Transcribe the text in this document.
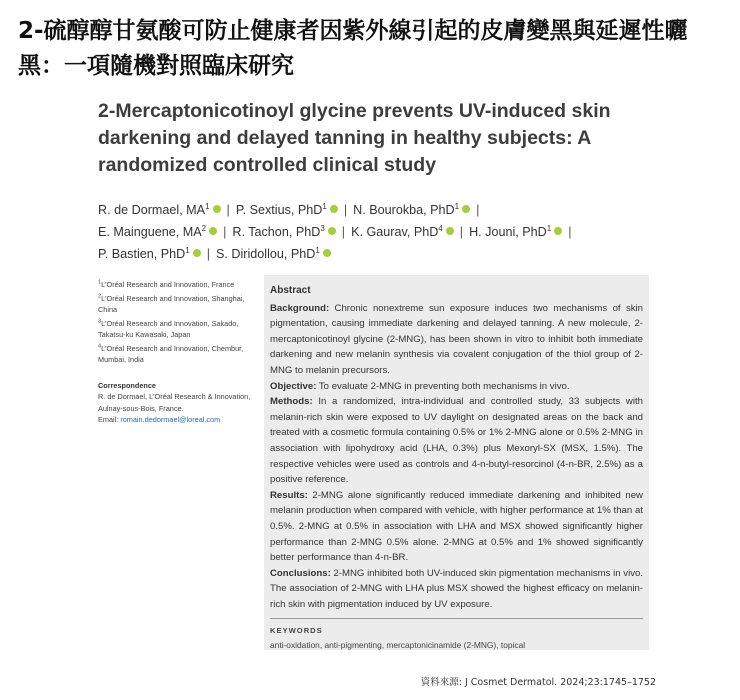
2-硫醇醇甘氨酸可防止健康者因紫外線引起的皮膚變黑與延遲性曬黑：一項隨機對照臨床研究
2-Mercaptonicotinoyl glycine prevents UV-induced skin darkening and delayed tanning in healthy subjects: A randomized controlled clinical study
R. de Dormael, $MA^1$ | P. Sextius, PhD$^1$ | N. Bourokba, PhD$^1$ |
E. Mainguene, $MA^2$ | R. Tachon, PhD$^3$ | K. Gaurav, PhD$^4$ | H. Jouni, PhD$^1$ |
P. Bastien, PhD$^1$ | S. Diridollou, PhD$^1$
$^1$L'Oréal Research and Innovation, France
$^2$L'Oréal Research and Innovation, Shanghai, China
$^3$L'Oréal Research and Innovation, Sakado, Takatsu-ku Kawasaki, Japan
$^4$L'Oréal Research and Innovation, Chembur, Mumbai, India
Correspondence
R. de Dormael, L'Oréal Research & Innovation, Aulnay-sous-Bois, France.
Email: romain.dedormael@loreal.com
Abstract

Background: Chronic nonextreme sun exposure induces two mechanisms of skin pigmentation, causing immediate darkening and delayed tanning. A new molecule, 2-mercaptonicotinoyl glycine (2-MNG), has been shown in vitro to inhibit both immediate darkening and new melanin synthesis via covalent conjugation of the thiol group of 2-MNG to melanin precursors.

Objective: To evaluate 2-MNG in preventing both mechanisms in vivo.

Methods: In a randomized, intra-individual and controlled study, 33 subjects with melanin-rich skin were exposed to UV daylight on designated areas on the back and treated with a cosmetic formula containing 0.5% or 1% 2-MNG alone or 0.5% 2-MNG in association with lipohydroxy acid (LHA, 0.3%) plus Mexoryl-SX (MSX, 1.5%). The respective vehicles were used as controls and 4-n-butyl-resorcinol (4-n-BR, 2.5%) as a positive reference.

Results: 2-MNG alone significantly reduced immediate darkening and inhibited new melanin production when compared with vehicle, with higher performance at 1% than at 0.5%. 2-MNG at 0.5% in association with LHA and MSX showed significantly higher performance than 2-MNG 0.5% alone. 2-MNG at 0.5% and 1% showed significantly better performance than 4-n-BR.

Conclusions: 2-MNG inhibited both UV-induced skin pigmentation mechanisms in vivo. The association of 2-MNG with LHA plus MSX showed the highest efficacy on melanin-rich skin with pigmentation induced by UV exposure.

KEYWORDS
anti-oxidation, anti-pigmenting, mercaptonicinamide (2-MNG), topical
資料來源: J Cosmet Dermatol. 2024;23:1745–1752
